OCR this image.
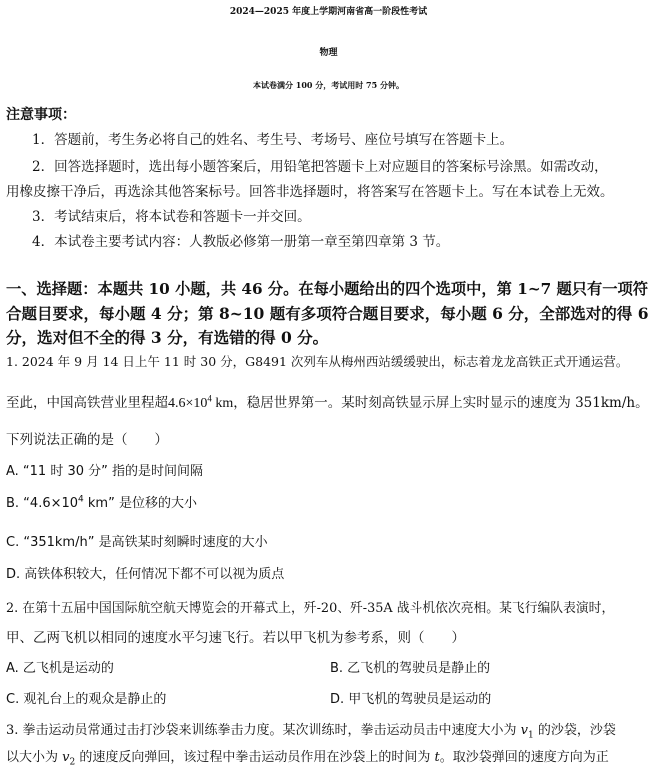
2024—2025 年度上学期河南省高一阶段性考试
物理
本试卷满分 100 分，考试用时 75 分钟。
注意事项：
1．答题前，考生务必将自己的姓名、考生号、考场号、座位号填写在答题卡上。
2．回答选择题时，选出每小题答案后，用铅笔把答题卡上对应题目的答案标号涂黑。如需改动，
用橡皮擦干净后，再选涂其他答案标号。回答非选择题时，将答案写在答题卡上。写在本试卷上无效。
3．考试结束后，将本试卷和答题卡一并交回。
4．本试卷主要考试内容：人教版必修第一册第一章至第四章第 3 节。
一、选择题：本题共 10 小题，共 46 分。在每小题给出的四个选项中，第 1~7 题只有一项符
合题目要求，每小题 4 分；第 8~10 题有多项符合题目要求，每小题 6 分，全部选对的得 6
分，选对但不全的得 3 分，有选错的得 0 分。
1. 2024 年 9 月 14 日上午 11 时 30 分，G8491 次列车从梅州西站缓缓驶出，标志着龙龙高铁正式开通运营。
至此，中国高铁营业里程超$4.6\times 10^4$ km，稳居世界第一。某时刻高铁显示屏上实时显示的速度为 351km/h。
下列说法正确的是（　　）
A. “11 时 30 分” 指的是时间间隔
B. “$4.6\times 10^4$ km” 是位移的大小
C. “351km/h” 是高铁某时刻瞬时速度的大小
D. 高铁体积较大，任何情况下都不可以视为质点
2. 在第十五届中国国际航空航天博览会的开幕式上，歼-20、歼-35A 战斗机依次亮相。某飞行编队表演时，
甲、乙两飞机以相同的速度水平匀速飞行。若以甲飞机为参考系，则（　　）
A. 乙飞机是运动的	B. 乙飞机的驾驶员是静止的
C. 观礼台上的观众是静止的	D. 甲飞机的驾驶员是运动的
3. 拳击运动员常通过击打沙袋来训练拳击力度。某次训练时，拳击运动员击中速度大小为 $v_1$ 的沙袋，沙袋
以大小为 $v_2$ 的速度反向弹回，该过程中拳击运动员作用在沙袋上的时间为 t。取沙袋弹回的速度方向为正
